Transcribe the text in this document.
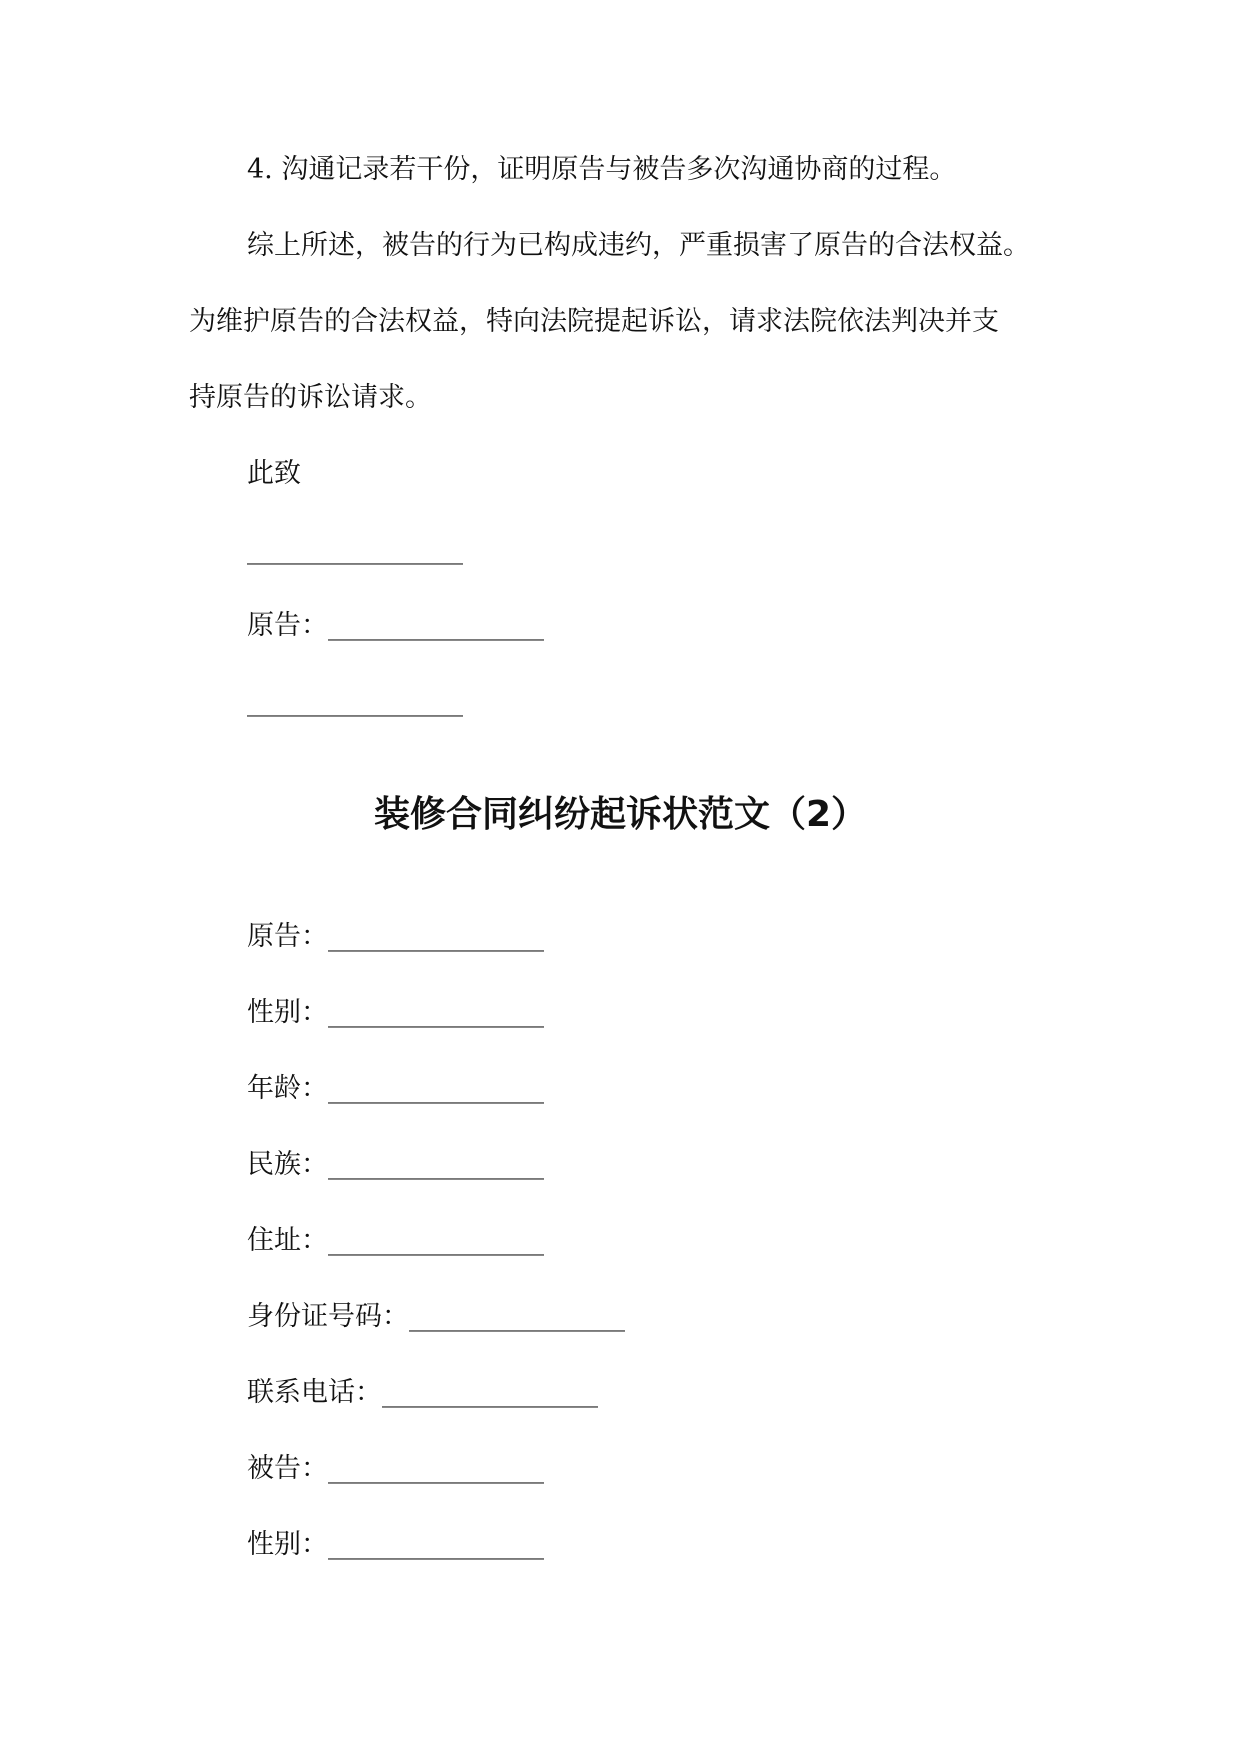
4. 沟通记录若干份，证明原告与被告多次沟通协商的过程。
综上所述，被告的行为已构成违约，严重损害了原告的合法权益。
为维护原告的合法权益，特向法院提起诉讼，请求法院依法判决并支
持原告的诉讼请求。
此致
________________
原告：________________
________________
装修合同纠纷起诉状范文（2）
原告：________________
性别：________________
年龄：________________
民族：________________
住址：________________
身份证号码：________________
联系电话：________________
被告：________________
性别：________________
